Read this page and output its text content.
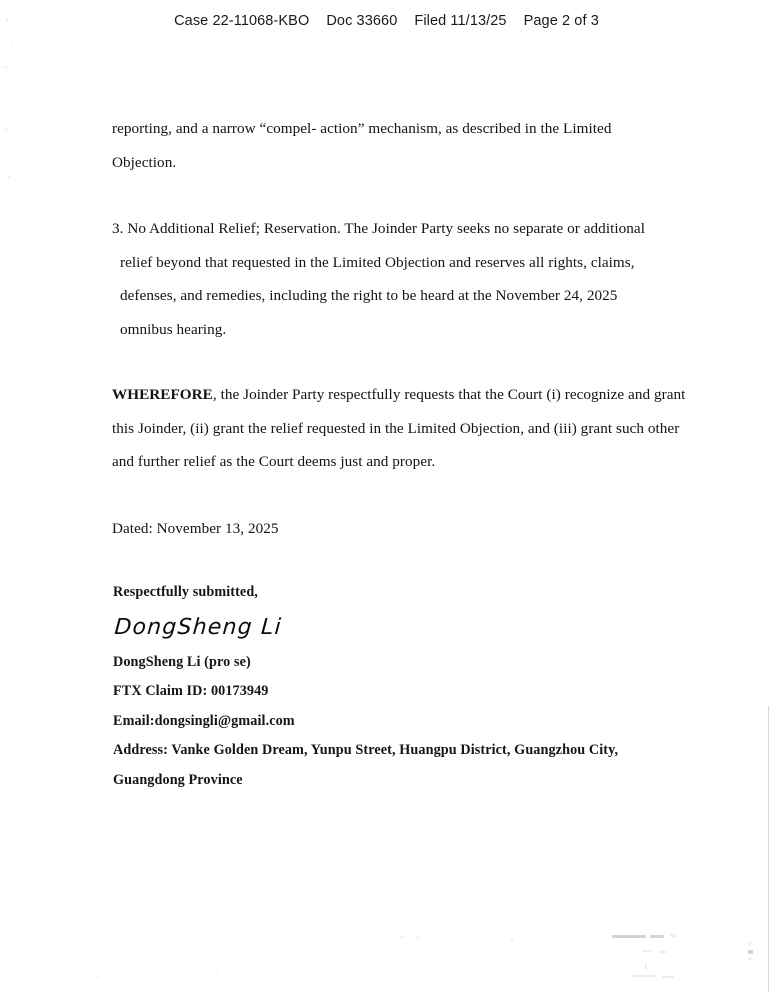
Case 22-11068-KBO Doc 33660 Filed 11/13/25 Page 2 of 3
reporting, and a narrow “compel- action” mechanism, as described in the Limited
Objection.
3. No Additional Relief; Reservation. The Joinder Party seeks no separate or additional
relief beyond that requested in the Limited Objection and reserves all rights, claims,
defenses, and remedies, including the right to be heard at the November 24, 2025
omnibus hearing.
WHEREFORE, the Joinder Party respectfully requests that the Court (i) recognize and grant
this Joinder, (ii) grant the relief requested in the Limited Objection, and (iii) grant such other
and further relief as the Court deems just and proper.
Dated: November 13, 2025
Respectfully submitted,
DongSheng Li
DongSheng Li (pro se)
FTX Claim ID: 00173949
Email:dongsingli@gmail.com
Address: Vanke Golden Dream, Yunpu Street, Huangpu District, Guangzhou City, Guangdong Province
